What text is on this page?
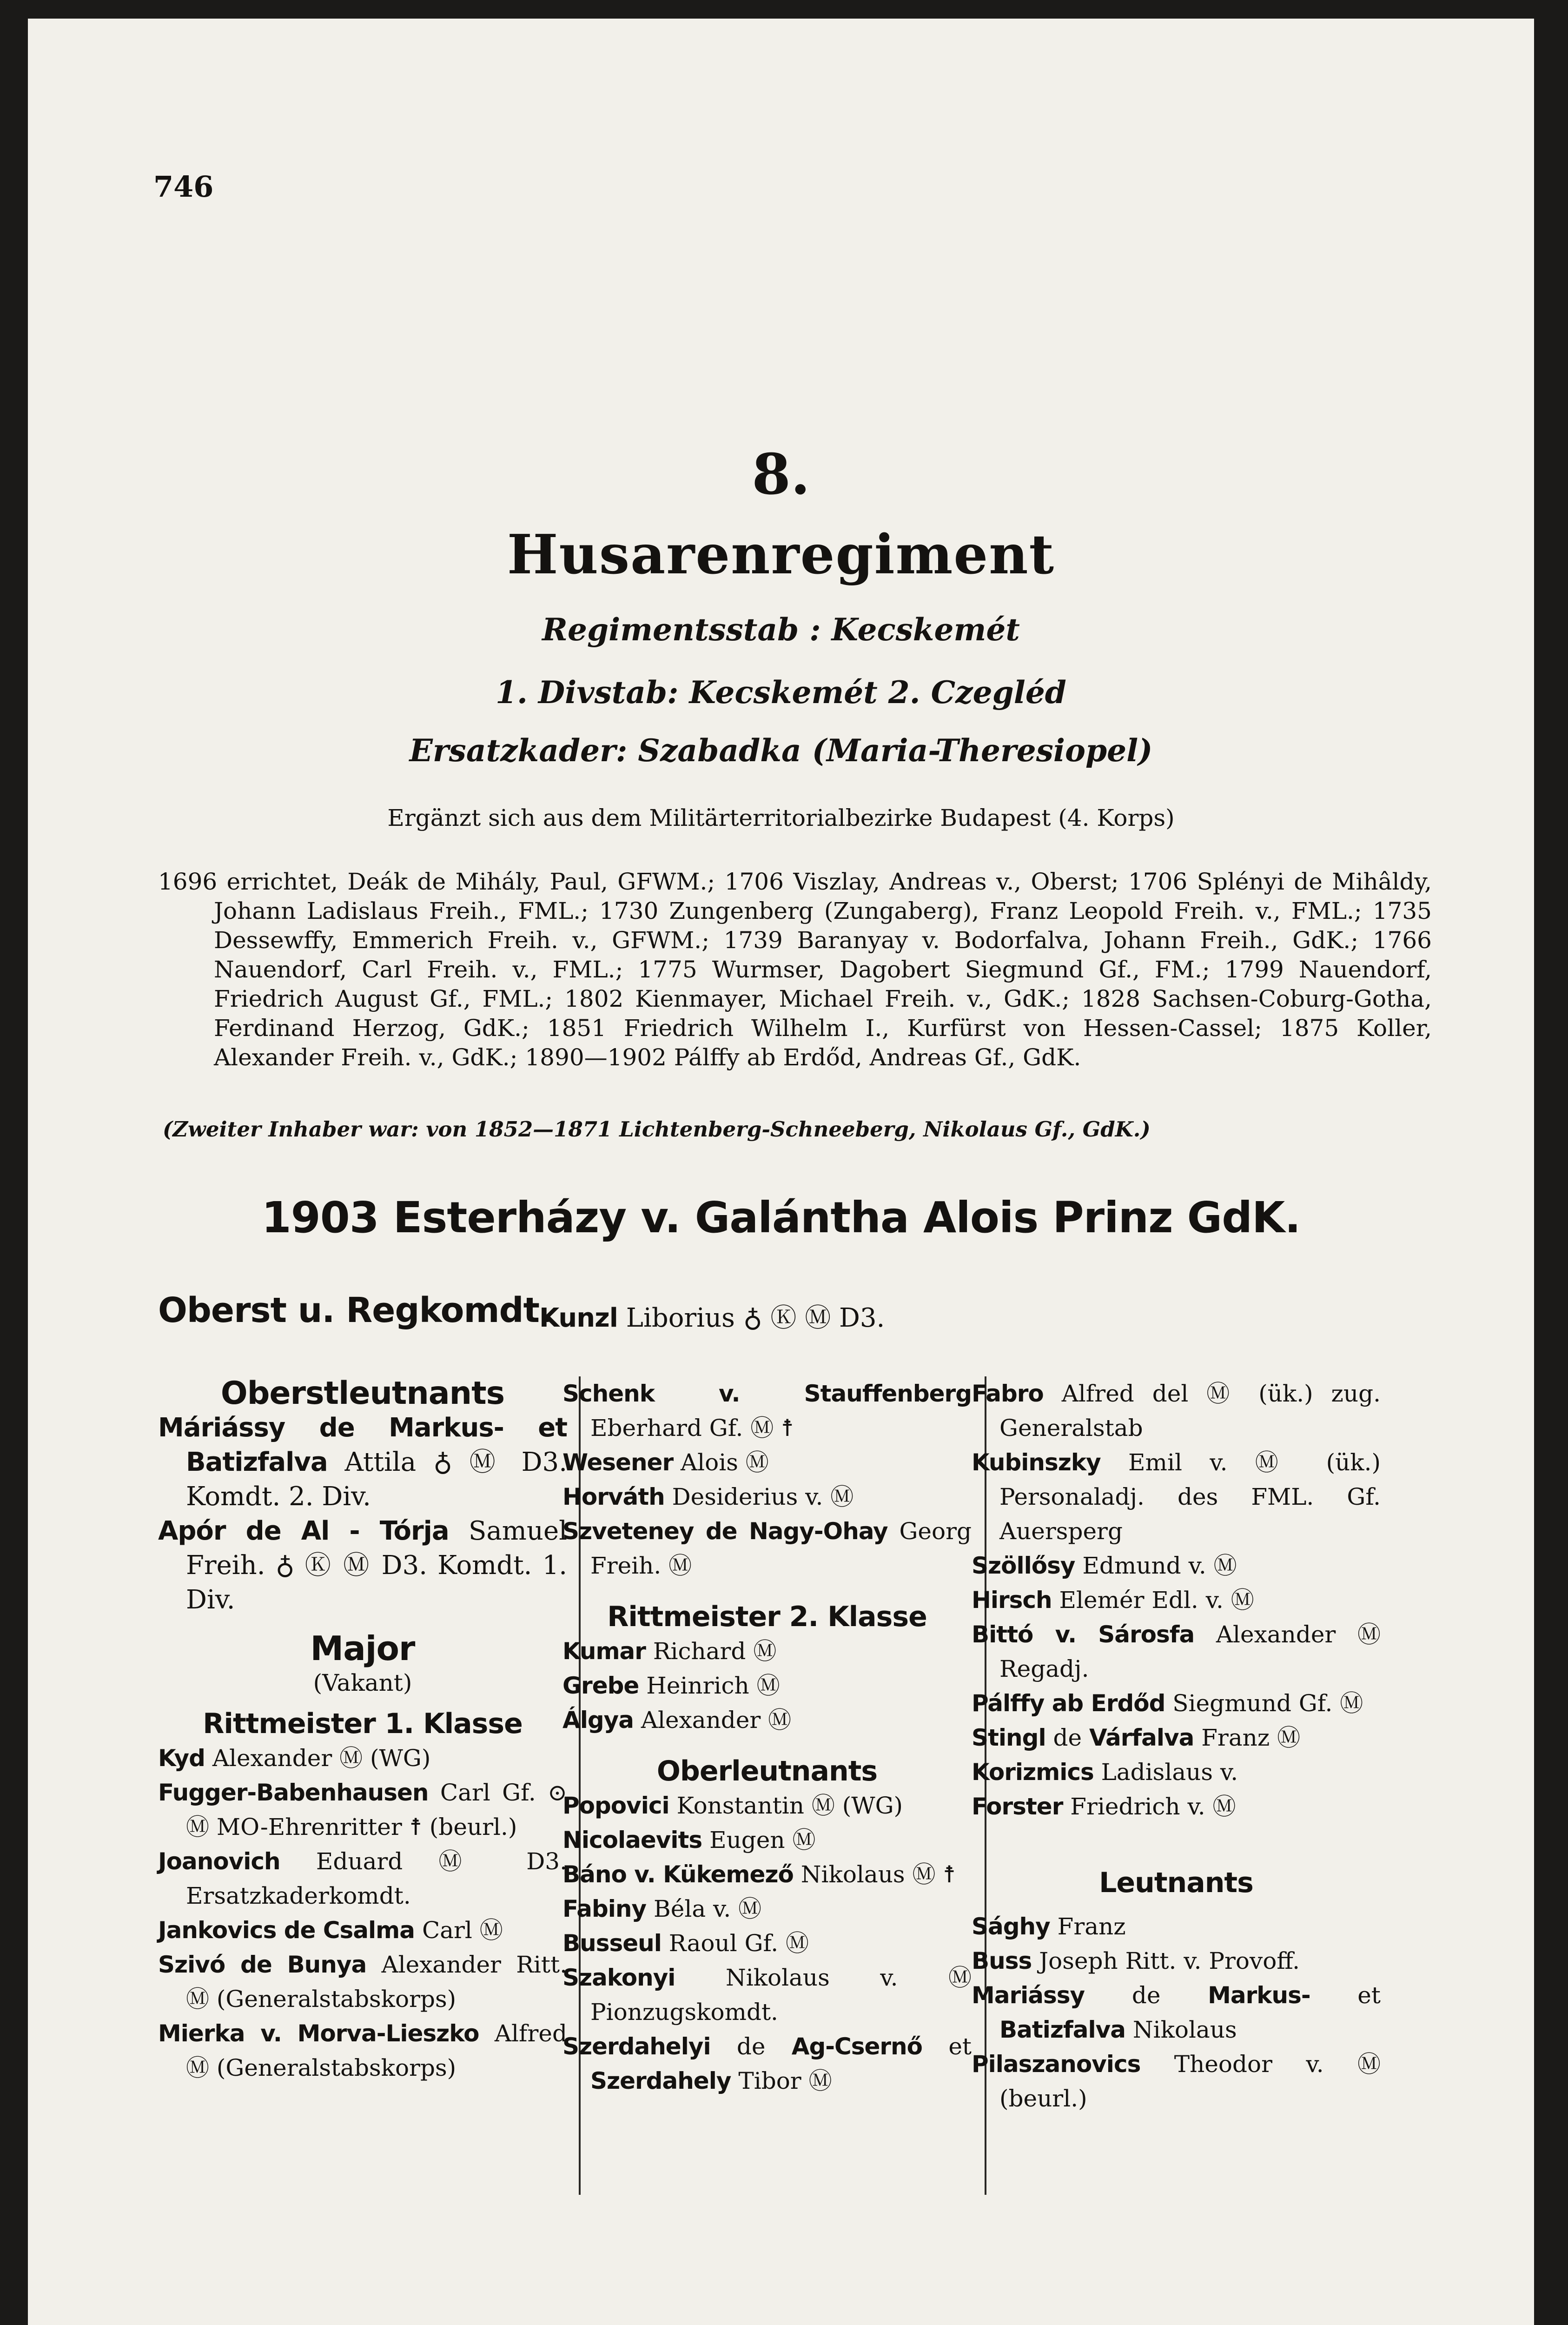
746
8.
Husarenregiment
Regimentsstab : Kecskemét
1. Divstab: Kecskemét 2. Czegléd
Ersatzkader: Szabadka (Maria-Theresiopel)
Ergänzt sich aus dem Militärterritorialbezirke Budapest (4. Korps)
1696 errichtet, Deák de Mihály, Paul, GFWM.; 1706 Viszlay, Andreas v., Oberst; 1706 Splényi de Mihâldy, Johann Ladislaus Freih., FML.; 1730 Zungenberg (Zungaberg), Franz Leopold Freih. v., FML.; 1735 Dessewffy, Emmerich Freih. v., GFWM.; 1739 Baranyay v. Bodorfalva, Johann Freih., GdK.; 1766 Nauendorf, Carl Freih. v., FML.; 1775 Wurmser, Dagobert Siegmund Gf., FM.; 1799 Nauendorf, Friedrich August Gf., FML.; 1802 Kienmayer, Michael Freih. v., GdK.; 1828 Sachsen-Coburg-Gotha, Ferdinand Herzog, GdK.; 1851 Friedrich Wilhelm I., Kurfürst von Hessen-Cassel; 1875 Koller, Alexander Freih. v., GdK.; 1890—1902 Pálffy ab Erdőd, Andreas Gf., GdK.
(Zweiter Inhaber war: von 1852—1871 Lichtenberg-Schneeberg, Nikolaus Gf., GdK.)
1903 Esterházy v. Galántha Alois Prinz GdK.
Oberst u. Regkomdt.
Kunzl Liborius ♁ Ⓚ Ⓜ D3.
Oberstleutnants
Máriássy de Markus- et Batizfalva Attila ♁ Ⓜ D3. Komdt. 2. Div.
Apór de Al - Tórja Samuel Freih. ♁ Ⓚ Ⓜ D3. Komdt. 1. Div.
Major
(Vakant)
Rittmeister 1. Klasse
Kyd Alexander Ⓜ (WG)
Fugger-Babenhausen Carl Gf. ⊙ Ⓜ MO-Ehrenritter ☨ (beurl.)
Joanovich Eduard Ⓜ D3. Ersatzkaderkomdt.
Jankovics de Csalma Carl Ⓜ
Szivó de Bunya Alexander Ritt. Ⓜ (Generalstabskorps)
Mierka v. Morva-Lieszko Alfred Ⓜ (Generalstabskorps)
Schenk v. Stauffenberg Eberhard Gf. Ⓜ ☨
Wesener Alois Ⓜ
Horváth Desiderius v. Ⓜ
Szveteney de Nagy-Ohay Georg Freih. Ⓜ
Rittmeister 2. Klasse
Kumar Richard Ⓜ
Grebe Heinrich Ⓜ
Álgya Alexander Ⓜ
Oberleutnants
Popovici Konstantin Ⓜ (WG)
Nicolaevits Eugen Ⓜ
Báno v. Kükemező Nikolaus Ⓜ ☨
Fabiny Béla v. Ⓜ
Busseul Raoul Gf. Ⓜ
Szakonyi Nikolaus v. Ⓜ Pionzugskomdt.
Szerdahelyi de Ag-Csernő et Szerdahely Tibor Ⓜ
Fabro Alfred del Ⓜ (ük.) zug. Generalstab
Kubinszky Emil v. Ⓜ (ük.) Personaladj. des FML. Gf. Auersperg
Szöllősy Edmund v. Ⓜ
Hirsch Elemér Edl. v. Ⓜ
Bittó v. Sárosfa Alexander Ⓜ Regadj.
Pálffy ab Erdőd Siegmund Gf. Ⓜ
Stingl de Várfalva Franz Ⓜ
Korizmics Ladislaus v.
Forster Friedrich v. Ⓜ
Leutnants
Sághy Franz
Buss Joseph Ritt. v. Provoff.
Mariássy de Markus- et Batizfalva Nikolaus
Pilaszanovics Theodor v. Ⓜ (beurl.)
